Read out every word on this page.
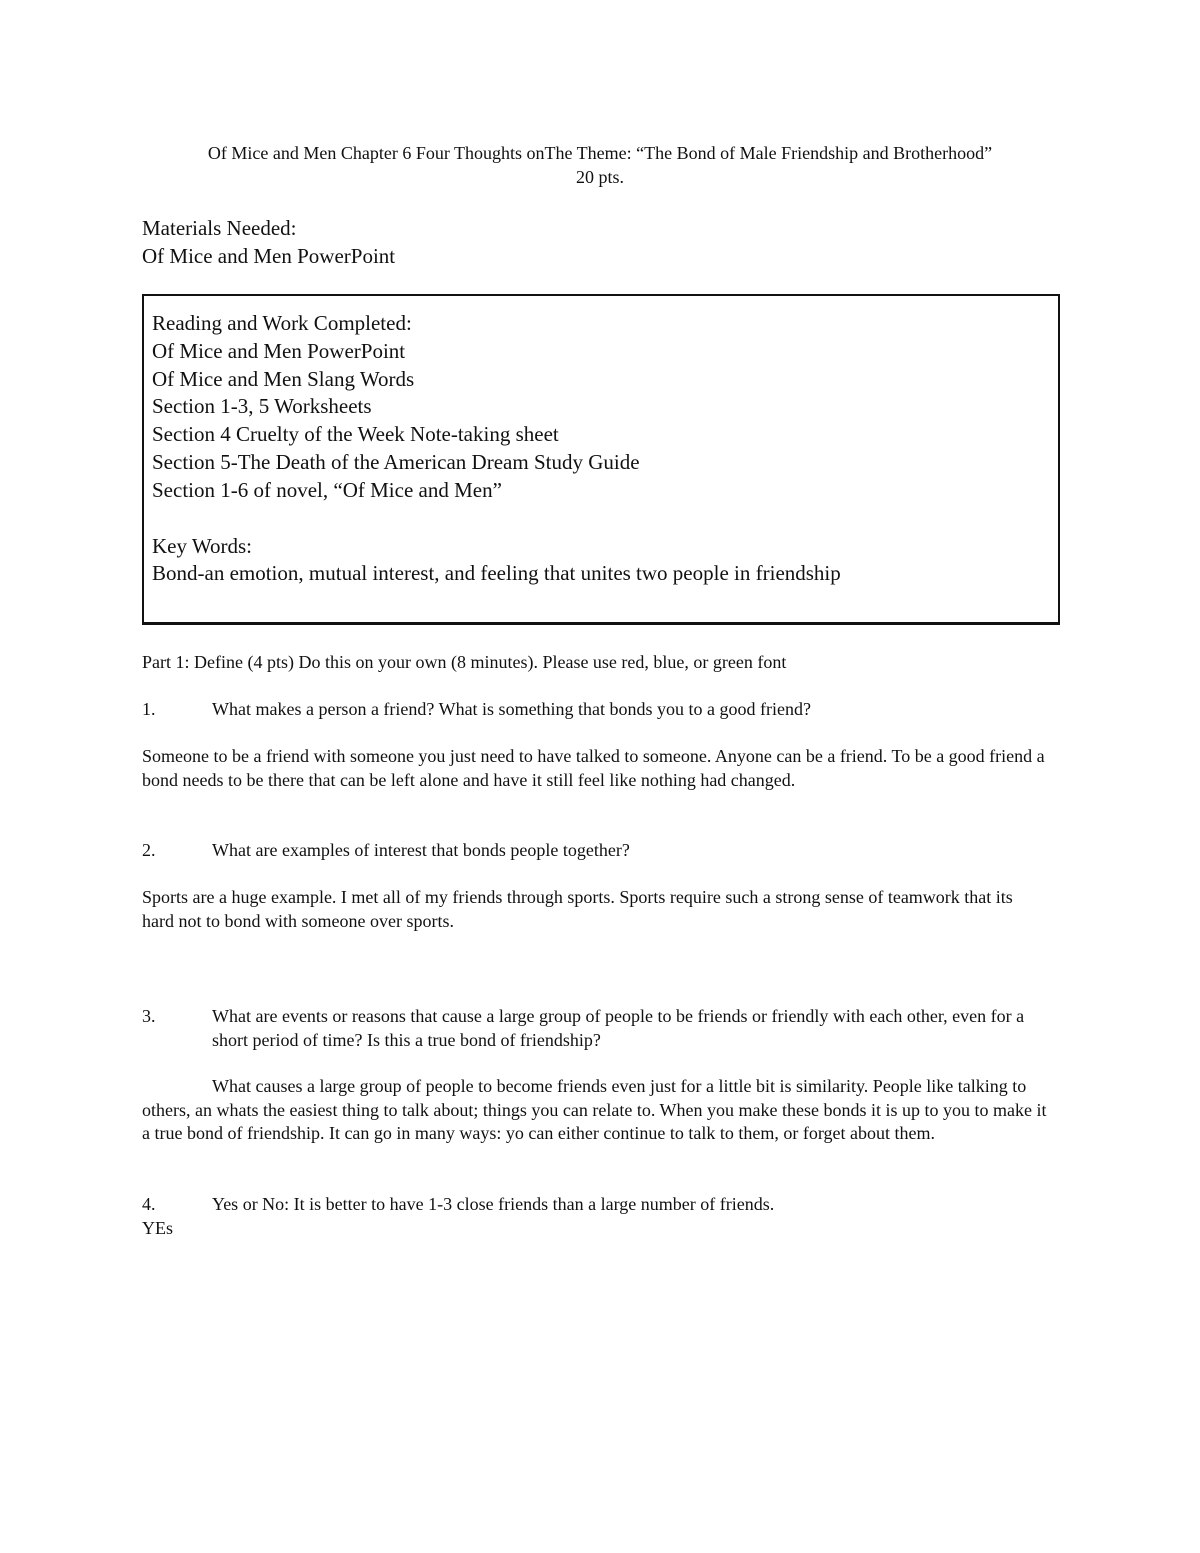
Of Mice and Men Chapter 6 Four Thoughts onThe Theme: “The Bond of Male Friendship and Brotherhood”
20 pts.
Materials Needed:
Of Mice and Men PowerPoint
Reading and Work Completed:
Of Mice and Men PowerPoint
Of Mice and Men Slang Words
Section 1-3, 5 Worksheets
Section 4 Cruelty of the Week Note-taking sheet
Section 5-The Death of the American Dream Study Guide
Section 1-6 of novel, “Of Mice and Men”
Key Words:
Bond-an emotion, mutual interest, and feeling that unites two people in friendship
Part 1: Define (4 pts) Do this on your own (8 minutes). Please use red, blue, or green font
1.	What makes a person a friend? What is something that bonds you to a good friend?
Someone to be a friend with someone you just need to have talked to someone. Anyone can be a friend. To be a good friend a bond needs to be there that can be left alone and have it still feel like nothing had changed.
2.	What are examples of interest that bonds people together?
Sports are a huge example. I met all of my friends through sports. Sports require such a strong sense of teamwork that its hard not to bond with someone over sports.
3.	What are events or reasons that cause a large group of people to be friends or friendly with each other, even for a short period of time? Is this a true bond of friendship?
What causes a large group of people to become friends even just for a little bit is similarity. People like talking to others, an whats the easiest thing to talk about; things you can relate to. When you make these bonds it is up to you to make it a true bond of friendship. It can go in many ways: yo can either continue to talk to them, or forget about them.
4.	Yes or No: It is better to have 1-3 close friends than a large number of friends.
YEs
